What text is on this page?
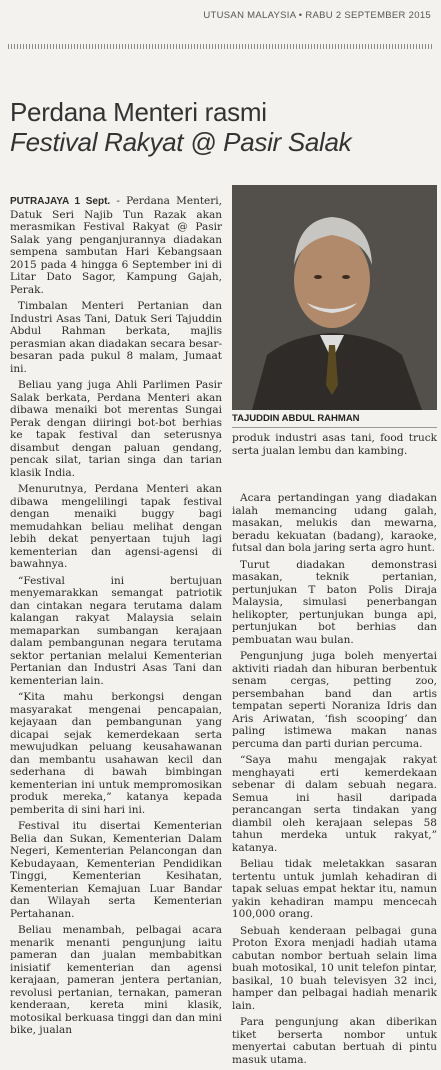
UTUSAN MALAYSIA • RABU 2 SEPTEMBER 2015
Perdana Menteri rasmi
Festival Rakyat @ Pasir Salak
TAJUDDIN ABDUL RAHMAN

PUTRAJAYA 1 Sept. - Perdana Menteri, Datuk Seri Najib Tun Razak akan merasmikan Festival Rakyat @ Pasir Salak yang penganjurannya diadakan sempena sambutan Hari Kebangsaan 2015 pada 4 hingga 6 September ini di Litar Dato Sagor, Kampung Gajah, Perak.

Timbalan Menteri Pertanian dan Industri Asas Tani, Datuk Seri Tajuddin Abdul Rahman berkata, majlis perasmian akan diadakan secara besar-besaran pada pukul 8 malam, Jumaat ini.

Beliau yang juga Ahli Parlimen Pasir Salak berkata, Perdana Menteri akan dibawa menaiki bot merentas Sungai Perak dengan diiringi bot-bot berhias ke tapak festival dan seterusnya disambut dengan paluan gendang, pencak silat, tarian singa dan tarian klasik India.

Menurutnya, Perdana Menteri akan dibawa mengelilingi tapak festival dengan menaiki buggy bagi memudahkan beliau melihat dengan lebih dekat penyertaan tujuh lagi kementerian dan agensi-agensi di bawahnya.

“Festival ini bertujuan menyemarakkan semangat patriotik dan cintakan negara terutama dalam kalangan rakyat Malaysia selain memaparkan sumbangan kerajaan dalam pembangunan negara terutama sektor pertanian melalui Kementerian Pertanian dan Industri Asas Tani dan kementerian lain.

“Kita mahu berkongsi dengan masyarakat mengenai pencapaian, kejayaan dan pembangunan yang dicapai sejak kemerdekaan serta mewujudkan peluang keusahawanan dan membantu usahawan kecil dan sederhana di bawah bimbingan kementerian ini untuk mempromosikan produk mereka,” katanya kepada pemberita di sini hari ini.

Festival itu disertai Kementerian Belia dan Sukan, Kementerian Dalam Negeri, Kementerian Pelancongan dan Kebudayaan, Kementerian Pendidikan Tinggi, Kementerian Kesihatan, Kementerian Kemajuan Luar Bandar dan Wilayah serta Kementerian Pertahanan.

Beliau menambah, pelbagai acara menarik menanti pengunjung iaitu pameran dan jualan membabitkan inisiatif kementerian dan agensi kerajaan, pameran jentera pertanian, revolusi pertanian, ternakan, pameran kenderaan, kereta mini klasik, motosikal berkuasa tinggi dan dan mini bike, jualan

produk industri asas tani, food truck serta jualan lembu dan kambing.

Acara pertandingan yang diadakan ialah memancing udang galah, masakan, melukis dan mewarna, beradu kekuatan (badang), karaoke, futsal dan bola jaring serta agro hunt.

Turut diadakan demonstrasi masakan, teknik pertanian, pertunjukan T baton Polis Diraja Malaysia, simulasi penerbangan helikopter, pertunjukan bunga api, pertunjukan bot berhias dan pembuatan wau bulan.

Pengunjung juga boleh menyertai aktiviti riadah dan hiburan berbentuk senam cergas, petting zoo, persembahan band dan artis tempatan seperti Noraniza Idris dan Aris Ariwatan, ‘fish scooping’ dan paling istimewa makan nanas percuma dan parti durian percuma.

“Saya mahu mengajak rakyat menghayati erti kemerdekaan sebenar di dalam sebuah negara. Semua ini hasil daripada perancangan serta tindakan yang diambil oleh kerajaan selepas 58 tahun merdeka untuk rakyat,” katanya.

Beliau tidak meletakkan sasaran tertentu untuk jumlah kehadiran di tapak seluas empat hektar itu, namun yakin kehadiran mampu mencecah 100,000 orang.

Sebuah kenderaan pelbagai guna Proton Exora menjadi hadiah utama cabutan nombor bertuah selain lima buah motosikal, 10 unit telefon pintar, basikal, 10 buah televisyen 32 inci, hamper dan pelbagai hadiah menarik lain.

Para pengunjung akan diberikan tiket berserta nombor untuk menyertai cabutan bertuah di pintu masuk utama.
